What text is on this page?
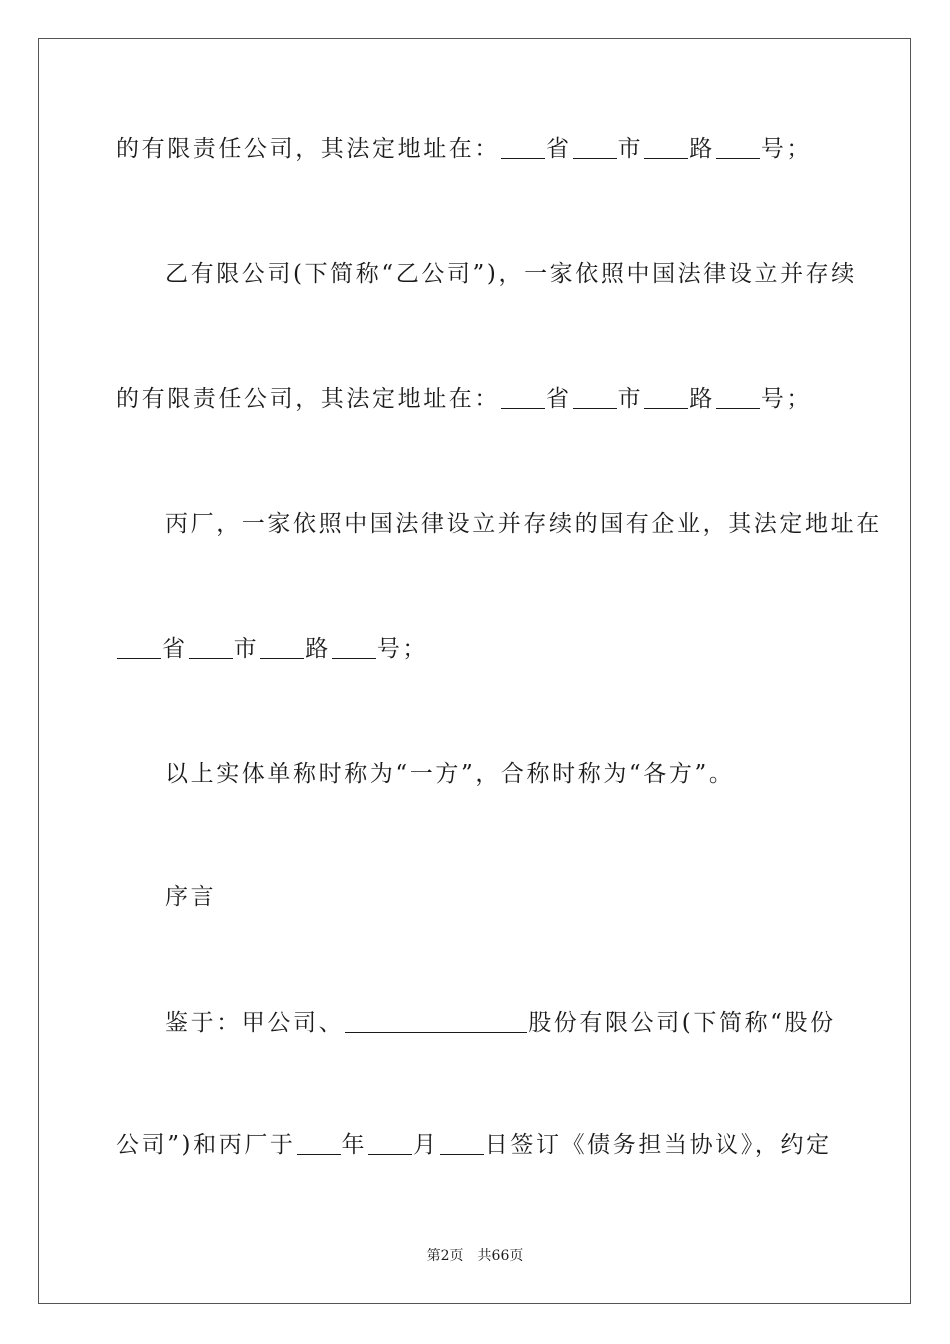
的有限责任公司，其法定地址在： 省 市 路 号；
乙有限公司(下简称“乙公司”)，一家依照中国法律设立并存续
的有限责任公司，其法定地址在： 省 市 路 号；
丙厂，一家依照中国法律设立并存续的国有企业，其法定地址在
省 市 路 号；
以上实体单称时称为“一方”，合称时称为“各方”。
序言
鉴于：甲公司、	股份有限公司(下简称“股份
公司”)和丙厂于 年 月 日签订《债务担当协议》，约定
第2页 共66页
